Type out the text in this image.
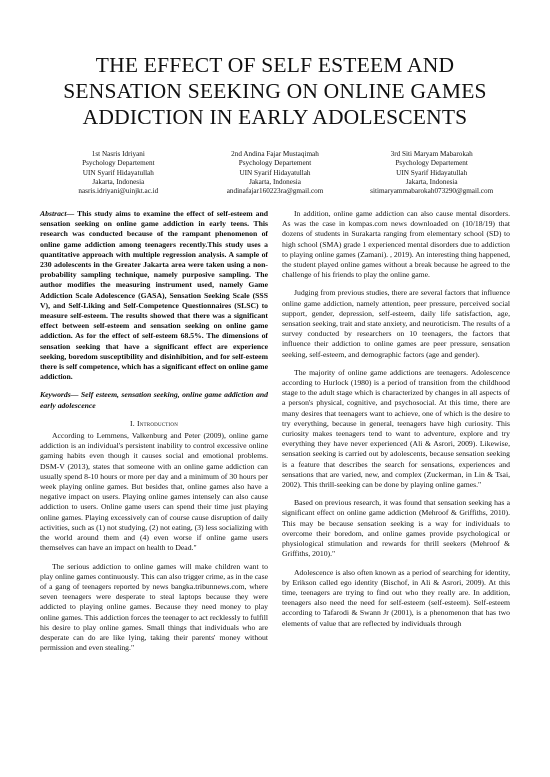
THE EFFECT OF SELF ESTEEM AND
SENSATION SEEKING ON ONLINE GAMES
ADDICTION IN EARLY ADOLESCENTS
1st Nasris Idriyani
Psychology Departement
UIN Syarif Hidayatullah
Jakarta, Indonesia
nasris.idriyani@uinjkt.ac.id
2nd Andina Fajar Mustaqimah
Psychology Departement
UIN Syarif Hidayatullah
Jakarta, Indonesia
andinafajar160223ra@gmail.com
3rd Siti Maryam Mabarokah
Psychology Departement
UIN Syarif Hidayatullah
Jakarta, Indonesia
sitimaryammabarokah073290@gmail.com

Abstract— This study aims to examine the effect of self-esteem and sensation seeking on online game addiction in early teens. This research was conducted because of the rampant phenomenon of online game addiction among teenagers recently.This study uses a quantitative approach with multiple regression analysis. A sample of 230 adolescents in the Greater Jakarta area were taken using a non-probability sampling technique, namely purposive sampling. The author modifies the measuring instrument used, namely Game Addiction Scale Adolescence (GASA), Sensation Seeking Scale (SSS V), and Self-Liking and Self-Competence Questionnaires (SLSC) to measure self-esteem. The results showed that there was a significant effect between self-esteem and sensation seeking on online game addiction. As for the effect of self-esteem 68.5%. The dimensions of sensation seeking that have a significant effect are experience seeking, boredom susceptibility and disinhibition, and for self-esteem there is self competence, which has a significant effect on online game addiction.

Keywords— Self esteem, sensation seeking, online game addiction and early adolescence

I. Introduction

According to Lemmens, Valkenburg and Peter (2009), online game addiction is an individual's persistent inability to control excessive online gaming habits even though it causes social and emotional problems. DSM-V (2013), states that someone with an online game addiction can usually spend 8-10 hours or more per day and a minimum of 30 hours per week playing online games. But besides that, online games also have a negative impact on users. Playing online games intensely can also cause addiction to users. Online game users can spend their time just playing online games. Playing excessively can of course cause disruption of daily activities, such as (1) not studying, (2) not eating, (3) less socializing with the world around them and (4) even worse if online game users themselves can have an impact on health to Dead."

The serious addiction to online games will make children want to play online games continuously. This can also trigger crime, as in the case of a gang of teenagers reported by news bangka.tribunnews.com, where seven teenagers were desperate to steal laptops because they were addicted to playing online games. Because they need money to play online games. This addiction forces the teenager to act recklessly to fulfill his desire to play online games. Small things that individuals who are desperate can do are like lying, taking their parents' money without permission and even stealing."

In addition, online game addiction can also cause mental disorders. As was the case in kompas.com news downloaded on (10/18/19) that dozens of students in Surakarta ranging from elementary school (SD) to high school (SMA) grade 1 experienced mental disorders due to addiction to playing online games (Zamani). , 2019). An interesting thing happened, the student played online games without a break because he agreed to the challenge of his friends to play the online game.

Judging from previous studies, there are several factors that influence online game addiction, namely attention, peer pressure, perceived social support, gender, depression, self-esteem, daily life satisfaction, age, sensation seeking, trait and state anxiety, and neuroticism. The results of a survey conducted by researchers on 10 teenagers, the factors that influence their addiction to online games are peer pressure, sensation seeking, self-esteem, and demographic factors (age and gender).

The majority of online game addictions are teenagers. Adolescence according to Hurlock (1980) is a period of transition from the childhood stage to the adult stage which is characterized by changes in all aspects of a person's physical, cognitive, and psychosocial. At this time, there are many desires that teenagers want to achieve, one of which is the desire to try everything, because in general, teenagers have high curiosity. This curiosity makes teenagers tend to want to adventure, explore and try everything they have never experienced (Ali & Asrori, 2009). Likewise, sensation seeking is carried out by adolescents, because sensation seeking is a feature that describes the search for sensations, experiences and sensations that are varied, new, and complex (Zuckerman, in Lin & Tsai, 2002). This thrill-seeking can be done by playing online games."

Based on previous research, it was found that sensation seeking has a significant effect on online game addiction (Mehroof & Griffiths, 2010). This may be because sensation seeking is a way for individuals to overcome their boredom, and online games provide psychological or physiological stimulation and rewards for thrill seekers (Mehroof & Griffiths, 2010)."

Adolescence is also often known as a period of searching for identity, by Erikson called ego identity (Bischof, in Ali & Asrori, 2009). At this time, teenagers are trying to find out who they really are. In addition, teenagers also need the need for self-esteem (self-esteem). Self-esteem according to Tafarodi & Swann Jr (2001), is a phenomenon that has two elements of value that are reflected by individuals through
